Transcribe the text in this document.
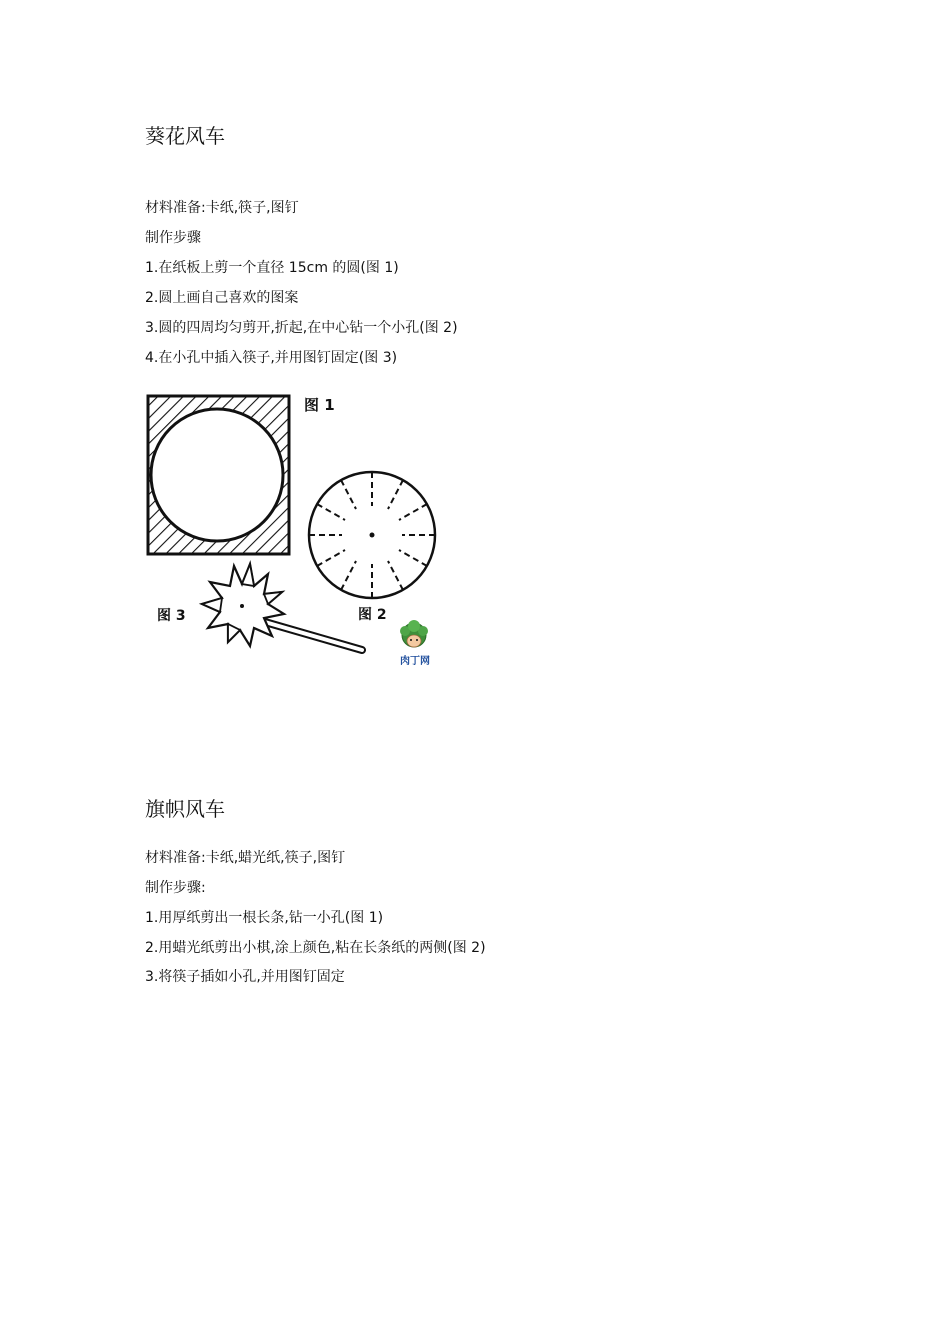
葵花风车
材料准备:卡纸,筷子,图钉
制作步骤
1.在纸板上剪一个直径 15cm 的圆(图 1)
2.圆上画自己喜欢的图案
3.圆的四周均匀剪开,折起,在中心钻一个小孔(图 2)
4.在小孔中插入筷子,并用图钉固定(图 3)
图 1
图 2
图 3
肉丁网
旗帜风车
材料准备:卡纸,蜡光纸,筷子,图钉
制作步骤:
1.用厚纸剪出一根长条,钻一小孔(图 1)
2.用蜡光纸剪出小棋,涂上颜色,粘在长条纸的两侧(图 2)
3.将筷子插如小孔,并用图钉固定
